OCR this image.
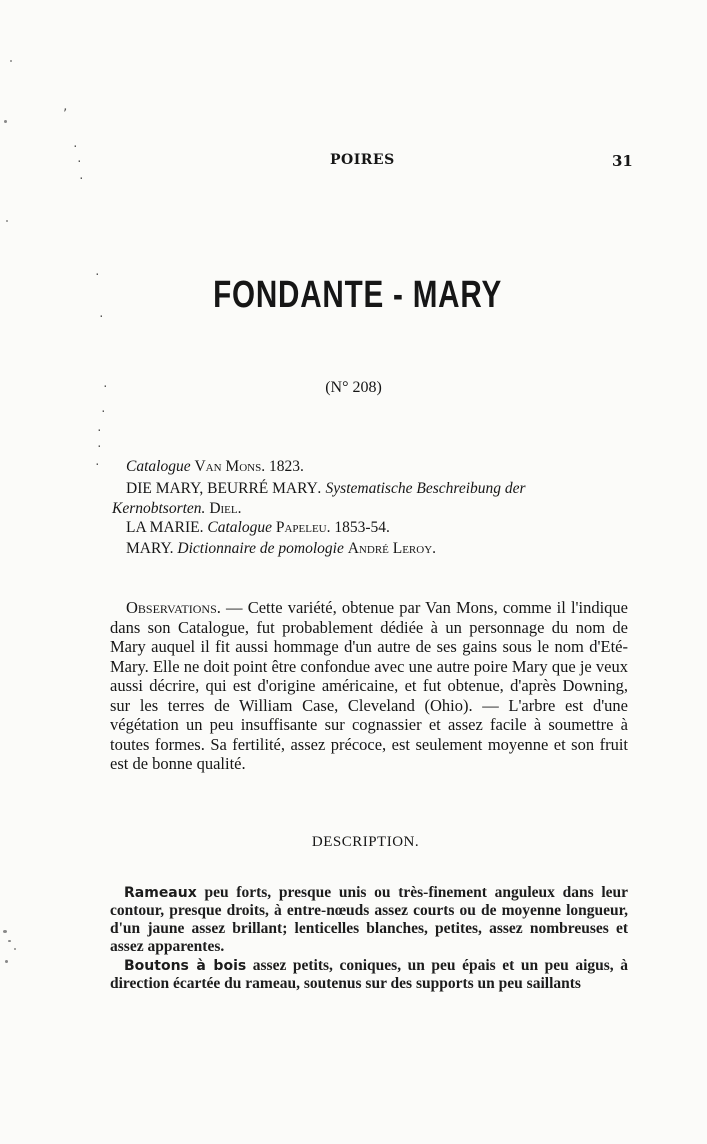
,
·
·
·
·
·
·
·
·
·
·
POIRES	31
FONDANTE - MARY
(N° 208)
Catalogue Van Mons. 1823.
DIE MARY, BEURRÉ MARY. Systematische Beschreibung der
Kernobtsorten. Diel.
LA MARIE. Catalogue Papeleu. 1853-54.
MARY. Dictionnaire de pomologie André Leroy.

Observations. — Cette variété, obtenue par Van Mons, comme il l'indique dans son Catalogue, fut probablement dédiée à un personnage du nom de Mary auquel il fit aussi hommage d'un autre de ses gains sous le nom d'Eté-Mary. Elle ne doit point être confondue avec une autre poire Mary que je veux aussi décrire, qui est d'origine américaine, et fut obtenue, d'après Downing, sur les terres de William Case, Cleveland (Ohio). — L'arbre est d'une végétation un peu insuffisante sur cognassier et assez facile à soumettre à toutes formes. Sa fertilité, assez précoce, est seulement moyenne et son fruit est de bonne qualité.

DESCRIPTION.

Rameaux peu forts, presque unis ou très-finement anguleux dans leur contour, presque droits, à entre-nœuds assez courts ou de moyenne longueur, d'un jaune assez brillant; lenticelles blanches, petites, assez nombreuses et assez apparentes.

Boutons à bois assez petits, coniques, un peu épais et un peu aigus, à direction écartée du rameau, soutenus sur des supports un peu saillants
